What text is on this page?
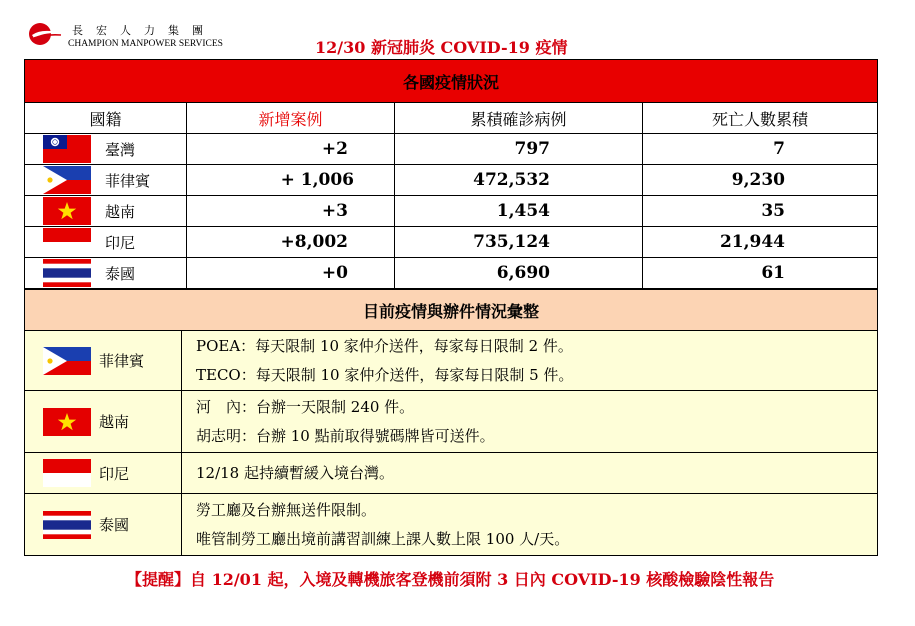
長宏人力集團
CHAMPION MANPOWER SERVICES	12/30 新冠肺炎 COVID-19 疫情
各國疫情狀況			
國籍	新增案例	累積確診病例	死亡人數累積

臺灣	+2	797	7

菲律賓	+ 1,006	472,532	9,230

越南	+3	1,454	35

印尼	+8,002	735,124	21,944

泰國	+0	6,690	61
目前疫情與辦件情況彙整	

菲律賓	POEA：每天限制 10 家仲介送件，每家每日限制 2 件。
TECO：每天限制 10 家仲介送件，每家每日限制 5 件。

越南	河　內：台辦一天限制 240 件。
胡志明：台辦 10 點前取得號碼牌皆可送件。

印尼	12/18 起持續暫緩入境台灣。

泰國	勞工廳及台辦無送件限制。
唯管制勞工廳出境前講習訓練上課人數上限 100 人/天。
【提醒】自 12/01 起，入境及轉機旅客登機前須附 3 日內 COVID-19 核酸檢驗陰性報告
